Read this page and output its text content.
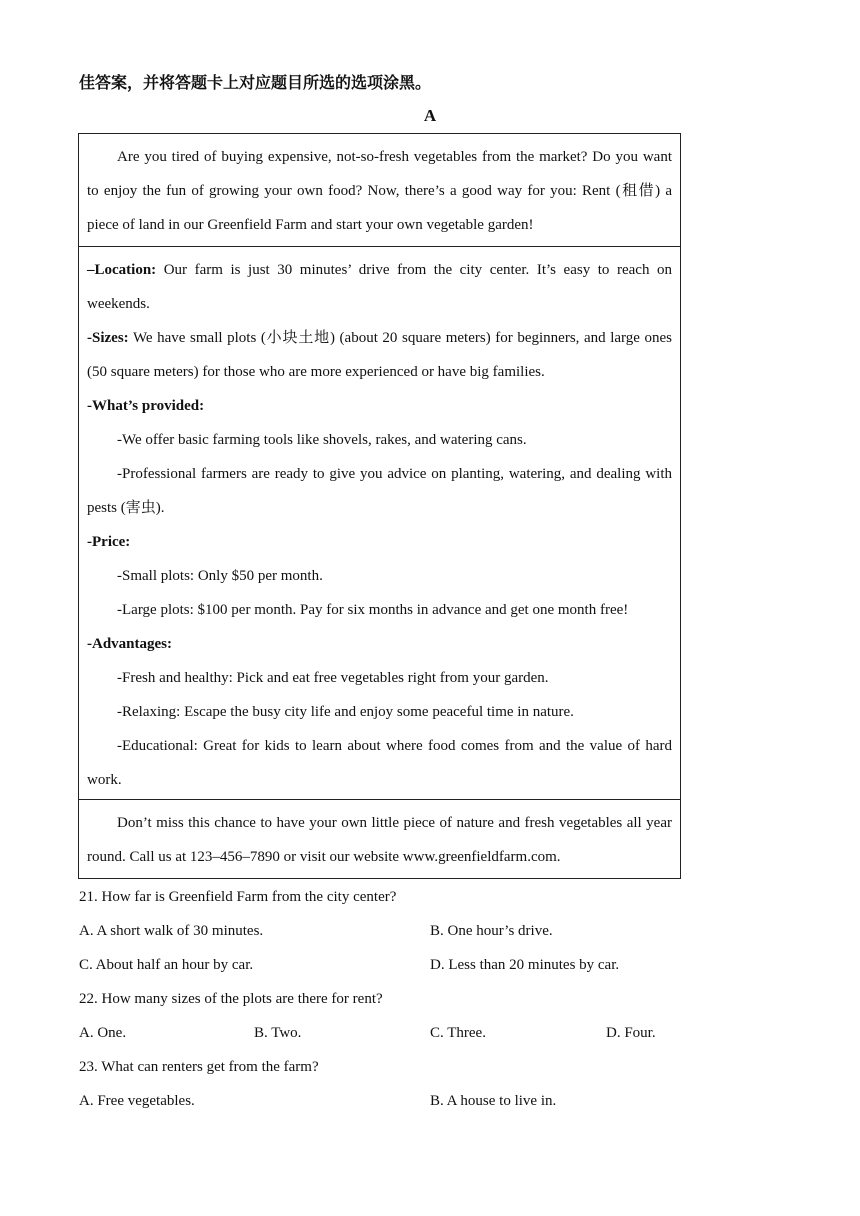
佳答案，并将答题卡上对应题目所选的选项涂黑。
A

Are you tired of buying expensive, not-so-fresh vegetables from the market? Do you want to enjoy the fun of growing your own food? Now, there’s a good way for you: Rent (租借) a piece of land in our Greenfield Farm and start your own vegetable garden!

–Location: Our farm is just 30 minutes’ drive from the city center. It’s easy to reach on weekends.

-Sizes: We have small plots (小块土地) (about 20 square meters) for beginners, and large ones (50 square meters) for those who are more experienced or have big families.

-What’s provided:

-We offer basic farming tools like shovels, rakes, and watering cans.

-Professional farmers are ready to give you advice on planting, watering, and dealing with pests (害虫).

-Price:

-Small plots: Only $50 per month.

-Large plots: $100 per month. Pay for six months in advance and get one month free!

-Advantages:

-Fresh and healthy: Pick and eat free vegetables right from your garden.

-Relaxing: Escape the busy city life and enjoy some peaceful time in nature.

-Educational: Great for kids to learn about where food comes from and the value of hard work.

Don’t miss this chance to have your own little piece of nature and fresh vegetables all year round. Call us at 123–456–7890 or visit our website www.greenfieldfarm.com.

21. How far is Greenfield Farm from the city center?
A. A short walk of 30 minutes.	B. One hour’s drive.
C. About half an hour by car.	D. Less than 20 minutes by car.
22. How many sizes of the plots are there for rent?
A. One.	B. Two.	C. Three.	D. Four.
23. What can renters get from the farm?
A. Free vegetables.	B. A house to live in.
